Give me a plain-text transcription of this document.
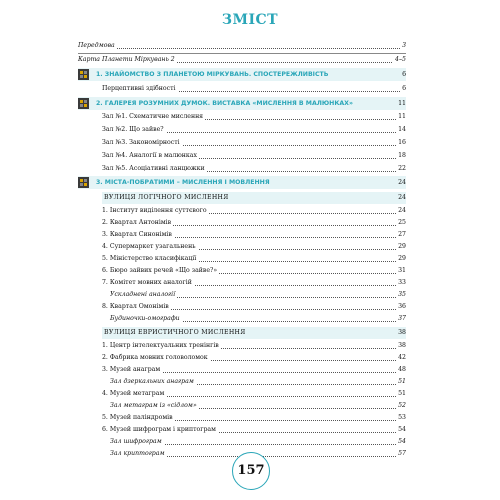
ЗМІСТ
Передмова	3
Карта Планети Міркувань 2	4–5
1. ЗНАЙОМСТВО З ПЛАНЕТОЮ МІРКУВАНЬ. СПОСТЕРЕЖЛИВІСТЬ	6
Перцептивні здібності	6
2. ГАЛЕРЕЯ РОЗУМНИХ ДУМОК. ВИСТАВКА «МИСЛЕННЯ В МАЛЮНКАХ»	11
Зал №1. Схематичне мислення	11
Зал №2. Що зайве?	14
Зал №3. Закономірності	16
Зал №4. Аналогії в малюнках	18
Зал №5. Асоціативні ланцюжки	22
3. МІСТА-ПОБРАТИМИ – МИСЛЕННЯ І МОВЛЕННЯ	24
ВУЛИЦЯ ЛОГІЧНОГО МИСЛЕННЯ	24
1. Інститут виділення суттєвого	24
2. Квартал Антонімів	25
3. Квартал Синонімів	27
4. Супермаркет узагальнень	29
5. Міністерство класифікації	29
6. Бюро зайвих речей «Що зайве?»	31
7. Комітет мовних аналогій	33
Ускладнені аналогії	35
8. Квартал Омонімів	36
Будиночки-омографи	37
ВУЛИЦЯ ЕВРИСТИЧНОГО МИСЛЕННЯ	38
1. Центр інтелектуальних тренінгів	38
2. Фабрика мовних головоломок	42
3. Музей анаграм	48
Зал дзеркальних анаграм	51
4. Музей метаграм	51
Зал метаграм із «сідлом»	52
5. Музей паліндромів	53
6. Музей шифрограм і криптограм	54
Зал шифрограм	54
Зал криптограм	57
157
